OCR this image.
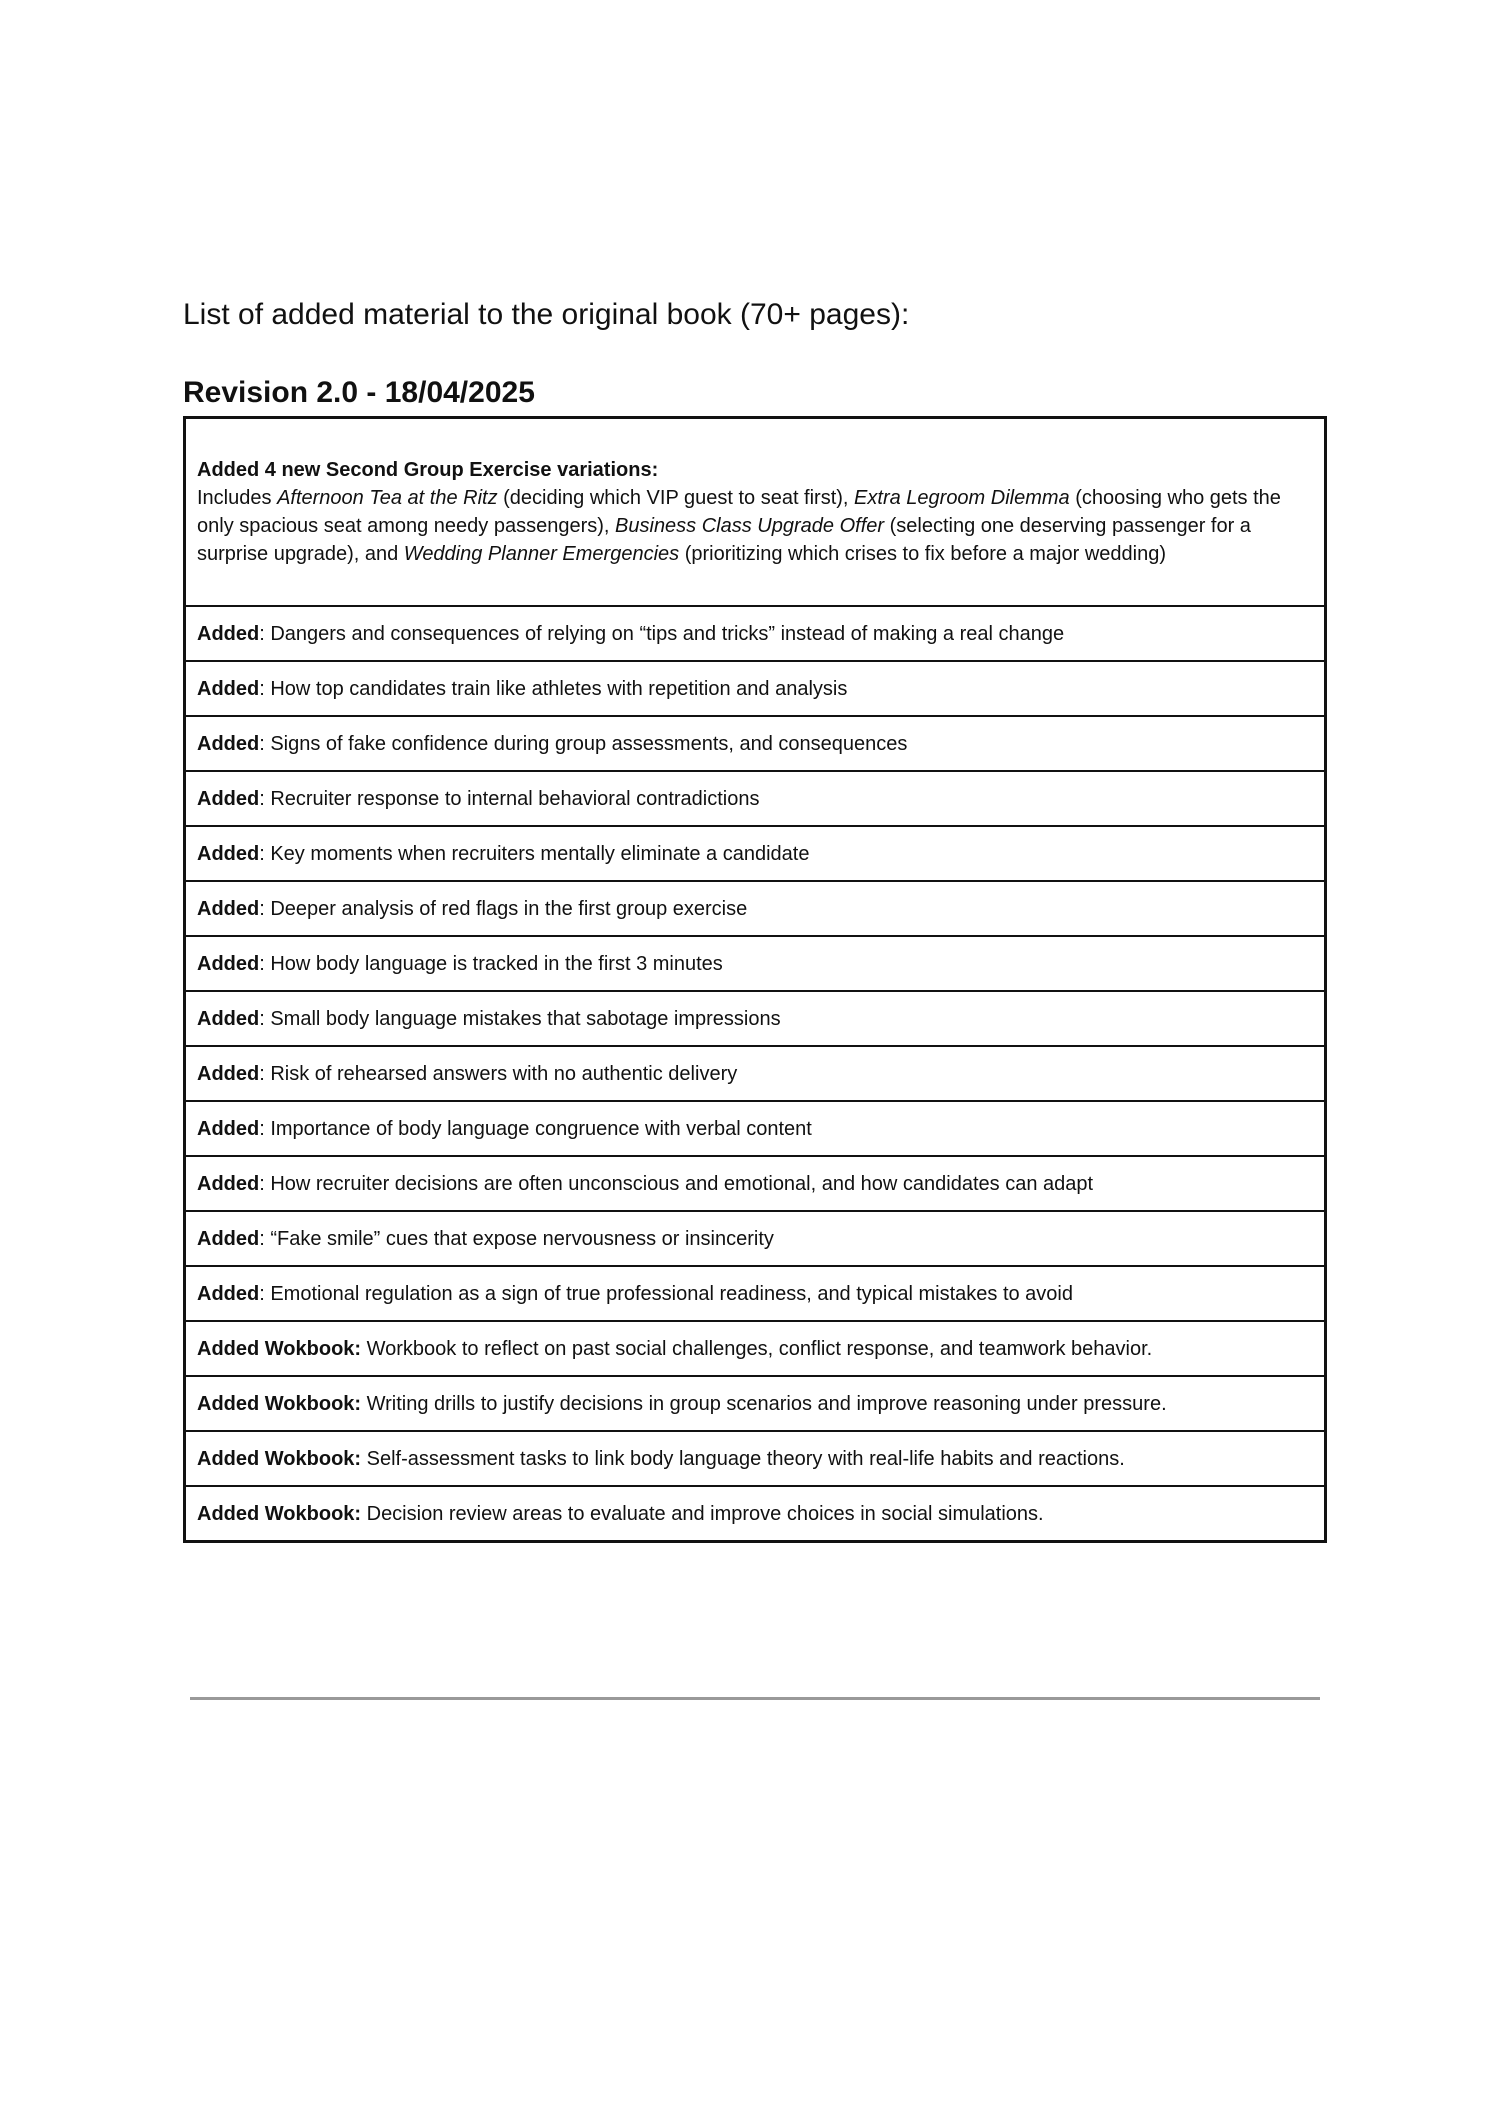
List of added material to the original book (70+ pages):
Revision 2.0 - 18/04/2025
Added 4 new Second Group Exercise variations:
Includes Afternoon Tea at the Ritz (deciding which VIP guest to seat first), Extra Legroom Dilemma (choosing who gets the only spacious seat among needy passengers), Business Class Upgrade Offer (selecting one deserving passenger for a surprise upgrade), and Wedding Planner Emergencies (prioritizing which crises to fix before a major wedding)
Added: Dangers and consequences of relying on “tips and tricks” instead of making a real change
Added: How top candidates train like athletes with repetition and analysis
Added: Signs of fake confidence during group assessments, and consequences
Added: Recruiter response to internal behavioral contradictions
Added: Key moments when recruiters mentally eliminate a candidate
Added: Deeper analysis of red flags in the first group exercise
Added: How body language is tracked in the first 3 minutes
Added: Small body language mistakes that sabotage impressions
Added: Risk of rehearsed answers with no authentic delivery
Added: Importance of body language congruence with verbal content
Added: How recruiter decisions are often unconscious and emotional, and how candidates can adapt
Added: “Fake smile” cues that expose nervousness or insincerity
Added: Emotional regulation as a sign of true professional readiness, and typical mistakes to avoid
Added Wokbook: Workbook to reflect on past social challenges, conflict response, and teamwork behavior.
Added Wokbook: Writing drills to justify decisions in group scenarios and improve reasoning under pressure.
Added Wokbook: Self-assessment tasks to link body language theory with real-life habits and reactions.
Added Wokbook: Decision review areas to evaluate and improve choices in social simulations.
